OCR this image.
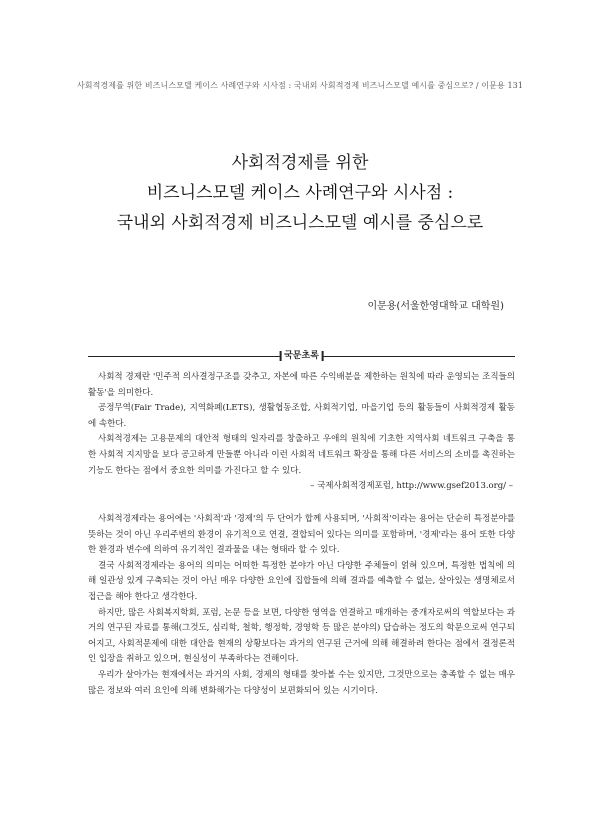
사회적경제를 위한 비즈니스모델 케이스 사례연구와 시사점 : 국내외 사회적경제 비즈니스모델 예시를 중심으로? / 이문용 131
사회적경제를 위한
비즈니스모델 케이스 사례연구와 시사점 :
국내외 사회적경제 비즈니스모델 예시를 중심으로
이문용(서울한영대학교 대학원)
국문초록

사회적 경제란 '민주적 의사결정구조를 갖추고, 자본에 따른 수익배분을 제한하는 원칙에 따라 운영되는 조직들의 활동'을 의미한다.

공정무역(Fair Trade), 지역화폐(LETS), 생활협동조합, 사회적기업, 마을기업 등의 활동들이 사회적경제 활동에 속한다.

사회적경제는 고용문제의 대안적 형태의 일자리를 창출하고 우애의 원칙에 기초한 지역사회 네트워크 구축을 통한 사회적 지지망을 보다 공고하게 만들뿐 아니라 이런 사회적 네트워크 확장을 통해 다른 서비스의 소비를 촉진하는 기능도 한다는 점에서 중요한 의미를 가진다고 할 수 있다.

– 국제사회적경제포럼, http://www.gsef2013.org/ –

사회적경제라는 용어에는 '사회적'과 '경제'의 두 단어가 합께 사용되며, '사회적'이라는 용어는 단순히 특정분야를 뜻하는 것이 아닌 우리주변의 환경이 유기적으로 연결, 결합되어 있다는 의미를 포함하며, '경제'라는 용어 또한 다양한 환경과 변수에 의하여 유기적인 결과물을 내는 형태라 할 수 있다.

결국 사회적경제라는 용어의 의미는 어떠한 특정한 분야가 아닌 다양한 주체들이 얽혀 있으며, 특정한 법칙에 의해 일관성 있게 구축되는 것이 아닌 매우 다양한 요인에 집합들에 의해 결과를 예측할 수 없는, 살아있는 생명체로서 접근을 해야 한다고 생각한다.

하지만, 많은 사회복지학회, 포럼, 논문 등을 보면, 다양한 영역을 연결하고 매개하는 중개자로써의 역할보다는 과거의 연구된 자료를 통해(그것도, 심리학, 철학, 행정학, 경영학 등 많은 분야의) 답습하는 정도의 학문으로써 연구되어지고, 사회적문제에 대한 대안을 현재의 상황보다는 과거의 연구된 근거에 의해 해결하려 한다는 점에서 결정론적인 입장을 취하고 있으며, 현실성이 부족하다는 견해이다.

우리가 살아가는 현재에서는 과거의 사회, 경제의 형태를 찾아볼 수는 있지만, 그것만으로는 충족할 수 없는 매우 많은 정보와 여러 요인에 의해 변화해가는 다양성이 보편화되어 있는 시기이다.
